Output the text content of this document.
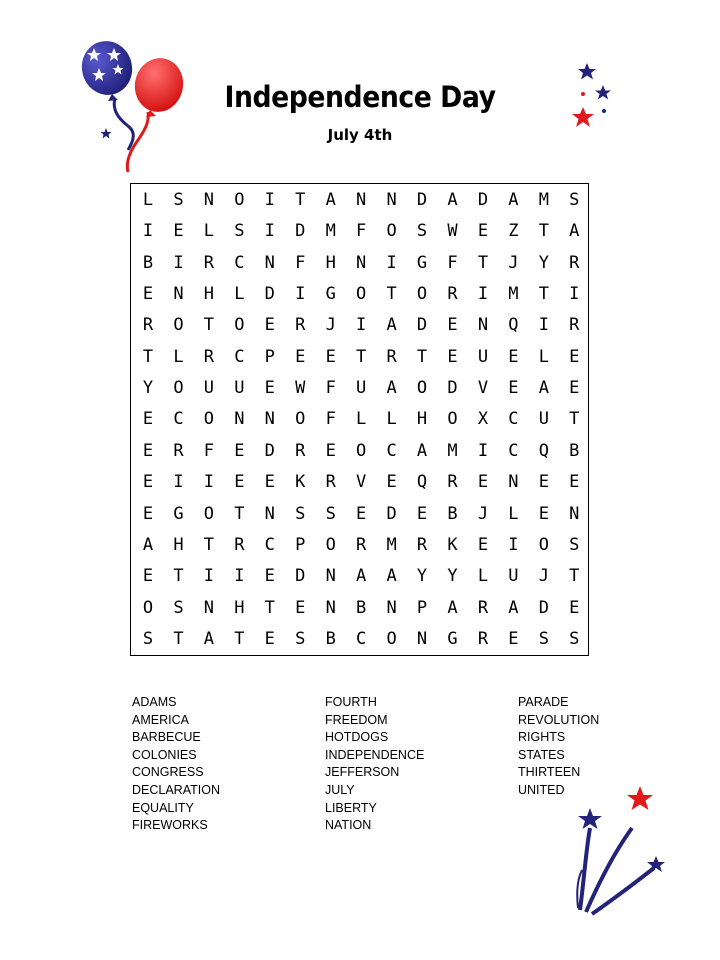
Independence Day
July 4th
L	S	N	O	I	T	A	N	N	D	A	D	A	M	S
I	E	L	S	I	D	M	F	O	S	W	E	Z	T	A
B	I	R	C	N	F	H	N	I	G	F	T	J	Y	R
E	N	H	L	D	I	G	O	T	O	R	I	M	T	I
R	O	T	O	E	R	J	I	A	D	E	N	Q	I	R
T	L	R	C	P	E	E	T	R	T	E	U	E	L	E
Y	O	U	U	E	W	F	U	A	O	D	V	E	A	E
E	C	O	N	N	O	F	L	L	H	O	X	C	U	T
E	R	F	E	D	R	E	O	C	A	M	I	C	Q	B
E	I	I	E	E	K	R	V	E	Q	R	E	N	E	E
E	G	O	T	N	S	S	E	D	E	B	J	L	E	N
A	H	T	R	C	P	O	R	M	R	K	E	I	O	S
E	T	I	I	E	D	N	A	A	Y	Y	L	U	J	T
O	S	N	H	T	E	N	B	N	P	A	R	A	D	E
S	T	A	T	E	S	B	C	O	N	G	R	E	S	S
ADAMS
AMERICA
BARBECUE
COLONIES
CONGRESS
DECLARATION
EQUALITY
FIREWORKS
FOURTH
FREEDOM
HOTDOGS
INDEPENDENCE
JEFFERSON
JULY
LIBERTY
NATION
PARADE
REVOLUTION
RIGHTS
STATES
THIRTEEN
UNITED
